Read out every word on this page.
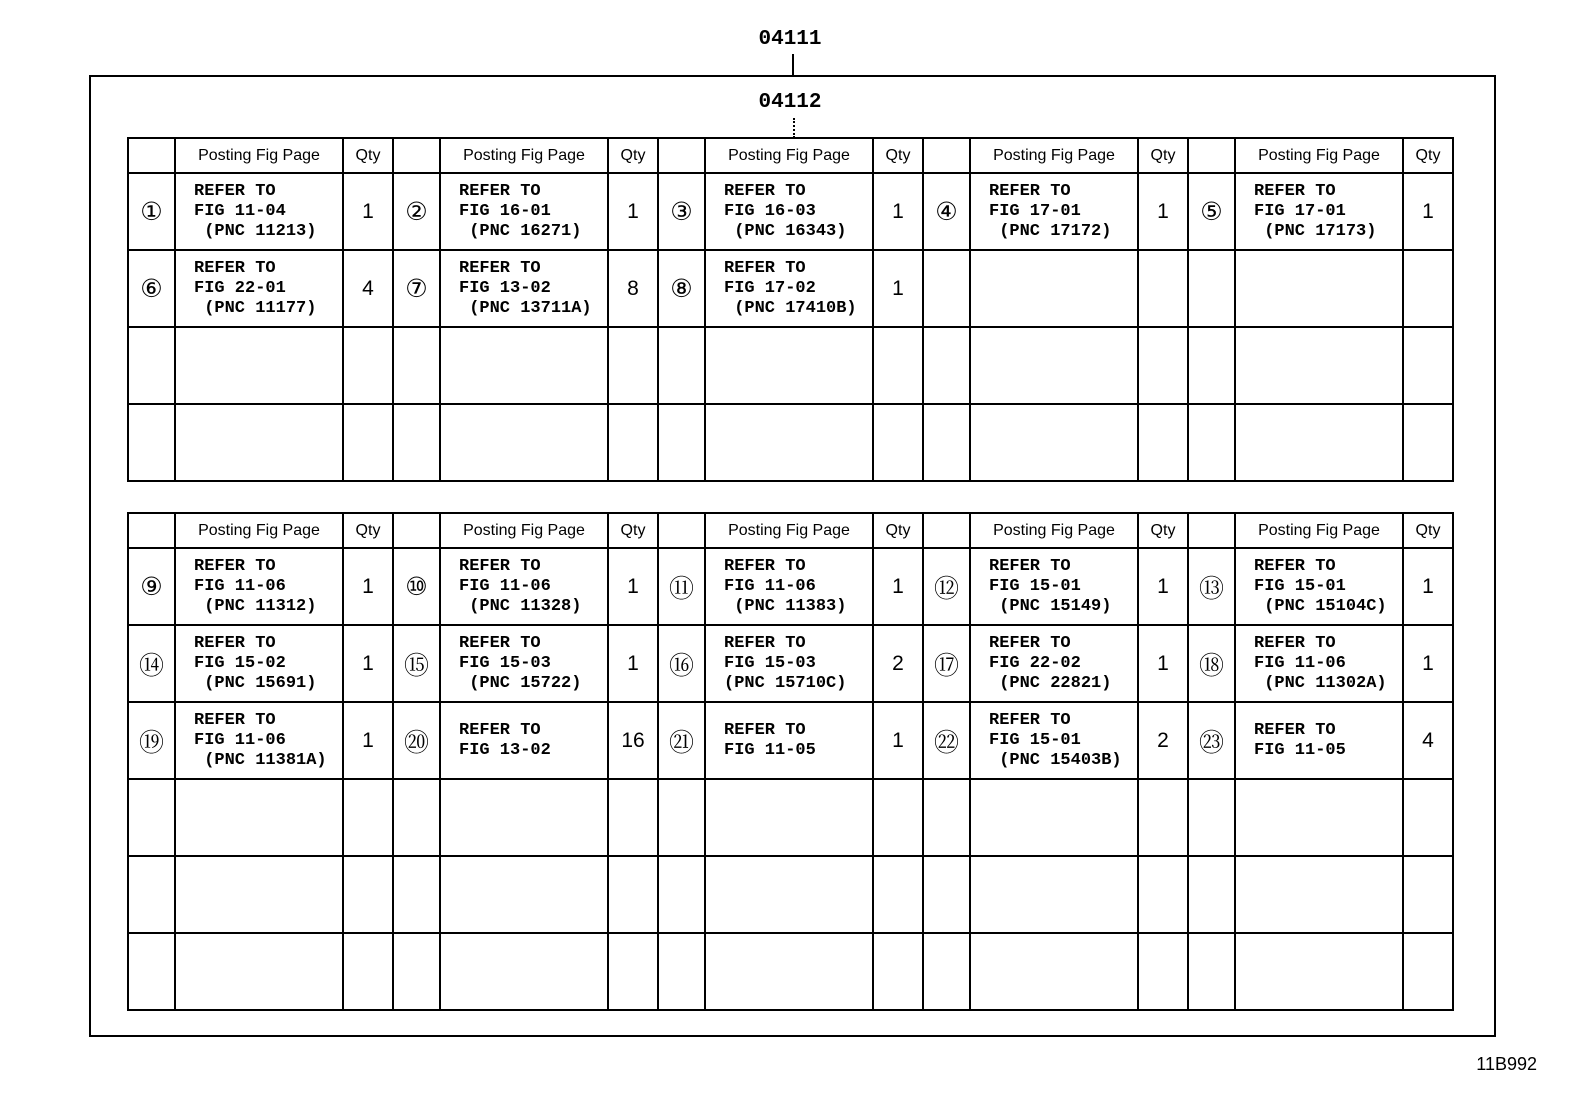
04111
04112
	Posting Fig Page	Qty		Posting Fig Page	Qty		Posting Fig Page	Qty		Posting Fig Page	Qty		Posting Fig Page	Qty
①	REFER TO
FIG 11-04
(PNC 11213)	1	②	REFER TO
FIG 16-01
(PNC 16271)	1	③	REFER TO
FIG 16-03
(PNC 16343)	1	④	REFER TO
FIG 17-01
(PNC 17172)	1	⑤	REFER TO
FIG 17-01
(PNC 17173)	1
⑥	REFER TO
FIG 22-01
(PNC 11177)	4	⑦	REFER TO
FIG 13-02
(PNC 13711A)	8	⑧	REFER TO
FIG 17-02
(PNC 17410B)	1						

	Posting Fig Page	Qty		Posting Fig Page	Qty		Posting Fig Page	Qty		Posting Fig Page	Qty		Posting Fig Page	Qty
⑨	REFER TO
FIG 11-06
(PNC 11312)	1	⑩	REFER TO
FIG 11-06
(PNC 11328)	1	⑪	REFER TO
FIG 11-06
(PNC 11383)	1	⑫	REFER TO
FIG 15-01
(PNC 15149)	1	⑬	REFER TO
FIG 15-01
(PNC 15104C)	1
⑭	REFER TO
FIG 15-02
(PNC 15691)	1	⑮	REFER TO
FIG 15-03
(PNC 15722)	1	⑯	REFER TO
FIG 15-03
(PNC 15710C)	2	⑰	REFER TO
FIG 22-02
(PNC 22821)	1	⑱	REFER TO
FIG 11-06
(PNC 11302A)	1
⑲	REFER TO
FIG 11-06
(PNC 11381A)	1	⑳	REFER TO
FIG 13-02	16	㉑	REFER TO
FIG 11-05	1	㉒	REFER TO
FIG 15-01
(PNC 15403B)	2	㉓	REFER TO
FIG 11-05	4

11B992
